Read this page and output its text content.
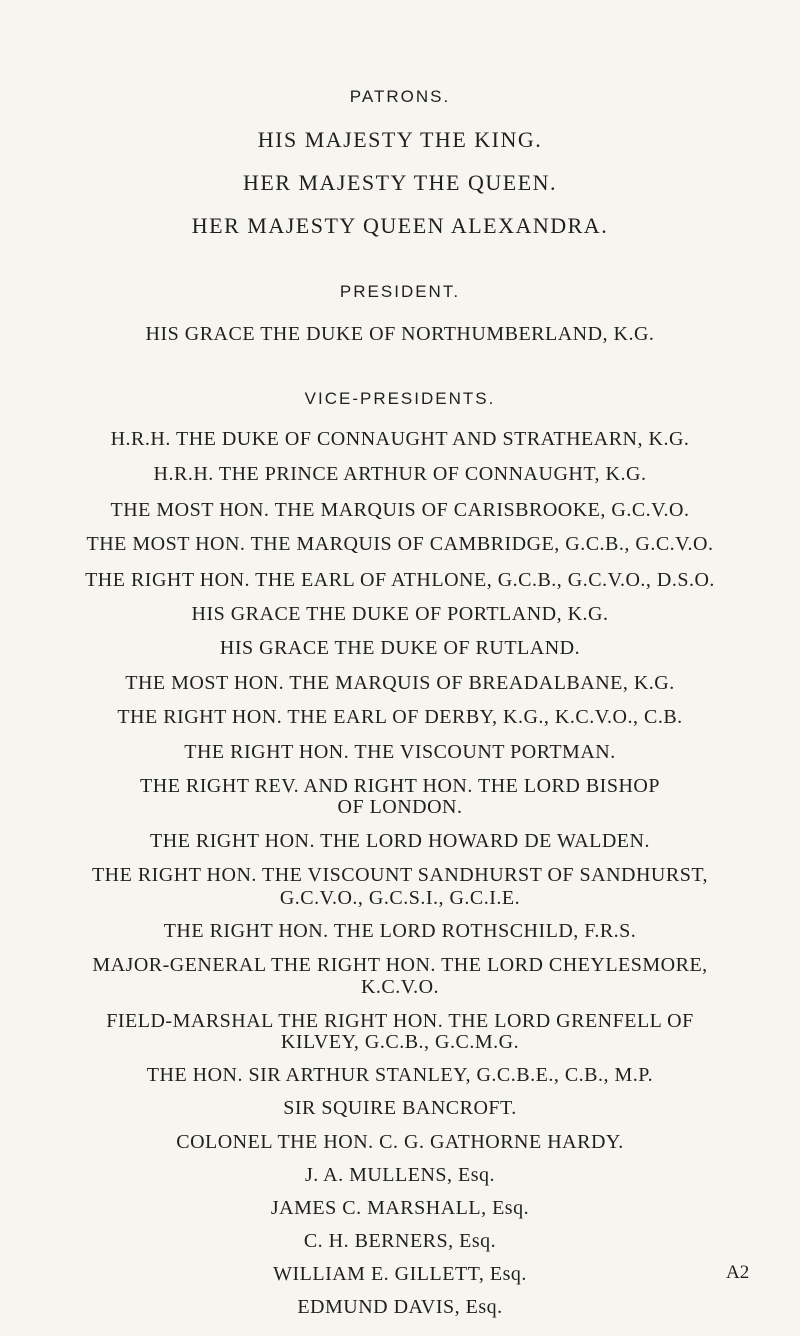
PATRONS.
HIS MAJESTY THE KING.
HER MAJESTY THE QUEEN.
HER MAJESTY QUEEN ALEXANDRA.
PRESIDENT.
HIS GRACE THE DUKE OF NORTHUMBERLAND, K.G.
VICE-PRESIDENTS.
H.R.H. THE DUKE OF CONNAUGHT AND STRATHEARN, K.G.
H.R.H. THE PRINCE ARTHUR OF CONNAUGHT, K.G.
THE MOST HON. THE MARQUIS OF CARISBROOKE, G.C.V.O.
THE MOST HON. THE MARQUIS OF CAMBRIDGE, G.C.B., G.C.V.O.
THE RIGHT HON. THE EARL OF ATHLONE, G.C.B., G.C.V.O., D.S.O.
HIS GRACE THE DUKE OF PORTLAND, K.G.
HIS GRACE THE DUKE OF RUTLAND.
THE MOST HON. THE MARQUIS OF BREADALBANE, K.G.
THE RIGHT HON. THE EARL OF DERBY, K.G., K.C.V.O., C.B.
THE RIGHT HON. THE VISCOUNT PORTMAN.
THE RIGHT REV. AND RIGHT HON. THE LORD BISHOP
OF LONDON.
THE RIGHT HON. THE LORD HOWARD DE WALDEN.
THE RIGHT HON. THE VISCOUNT SANDHURST OF SANDHURST,
G.C.V.O., G.C.S.I., G.C.I.E.
THE RIGHT HON. THE LORD ROTHSCHILD, F.R.S.
MAJOR-GENERAL THE RIGHT HON. THE LORD CHEYLESMORE,
K.C.V.O.
FIELD-MARSHAL THE RIGHT HON. THE LORD GRENFELL OF
KILVEY, G.C.B., G.C.M.G.
THE HON. SIR ARTHUR STANLEY, G.C.B.E., C.B., M.P.
SIR SQUIRE BANCROFT.
COLONEL THE HON. C. G. GATHORNE HARDY.
J. A. MULLENS, Esq.
JAMES C. MARSHALL, Esq.
C. H. BERNERS, Esq.
WILLIAM E. GILLETT, Esq.
EDMUND DAVIS, Esq.
A2
